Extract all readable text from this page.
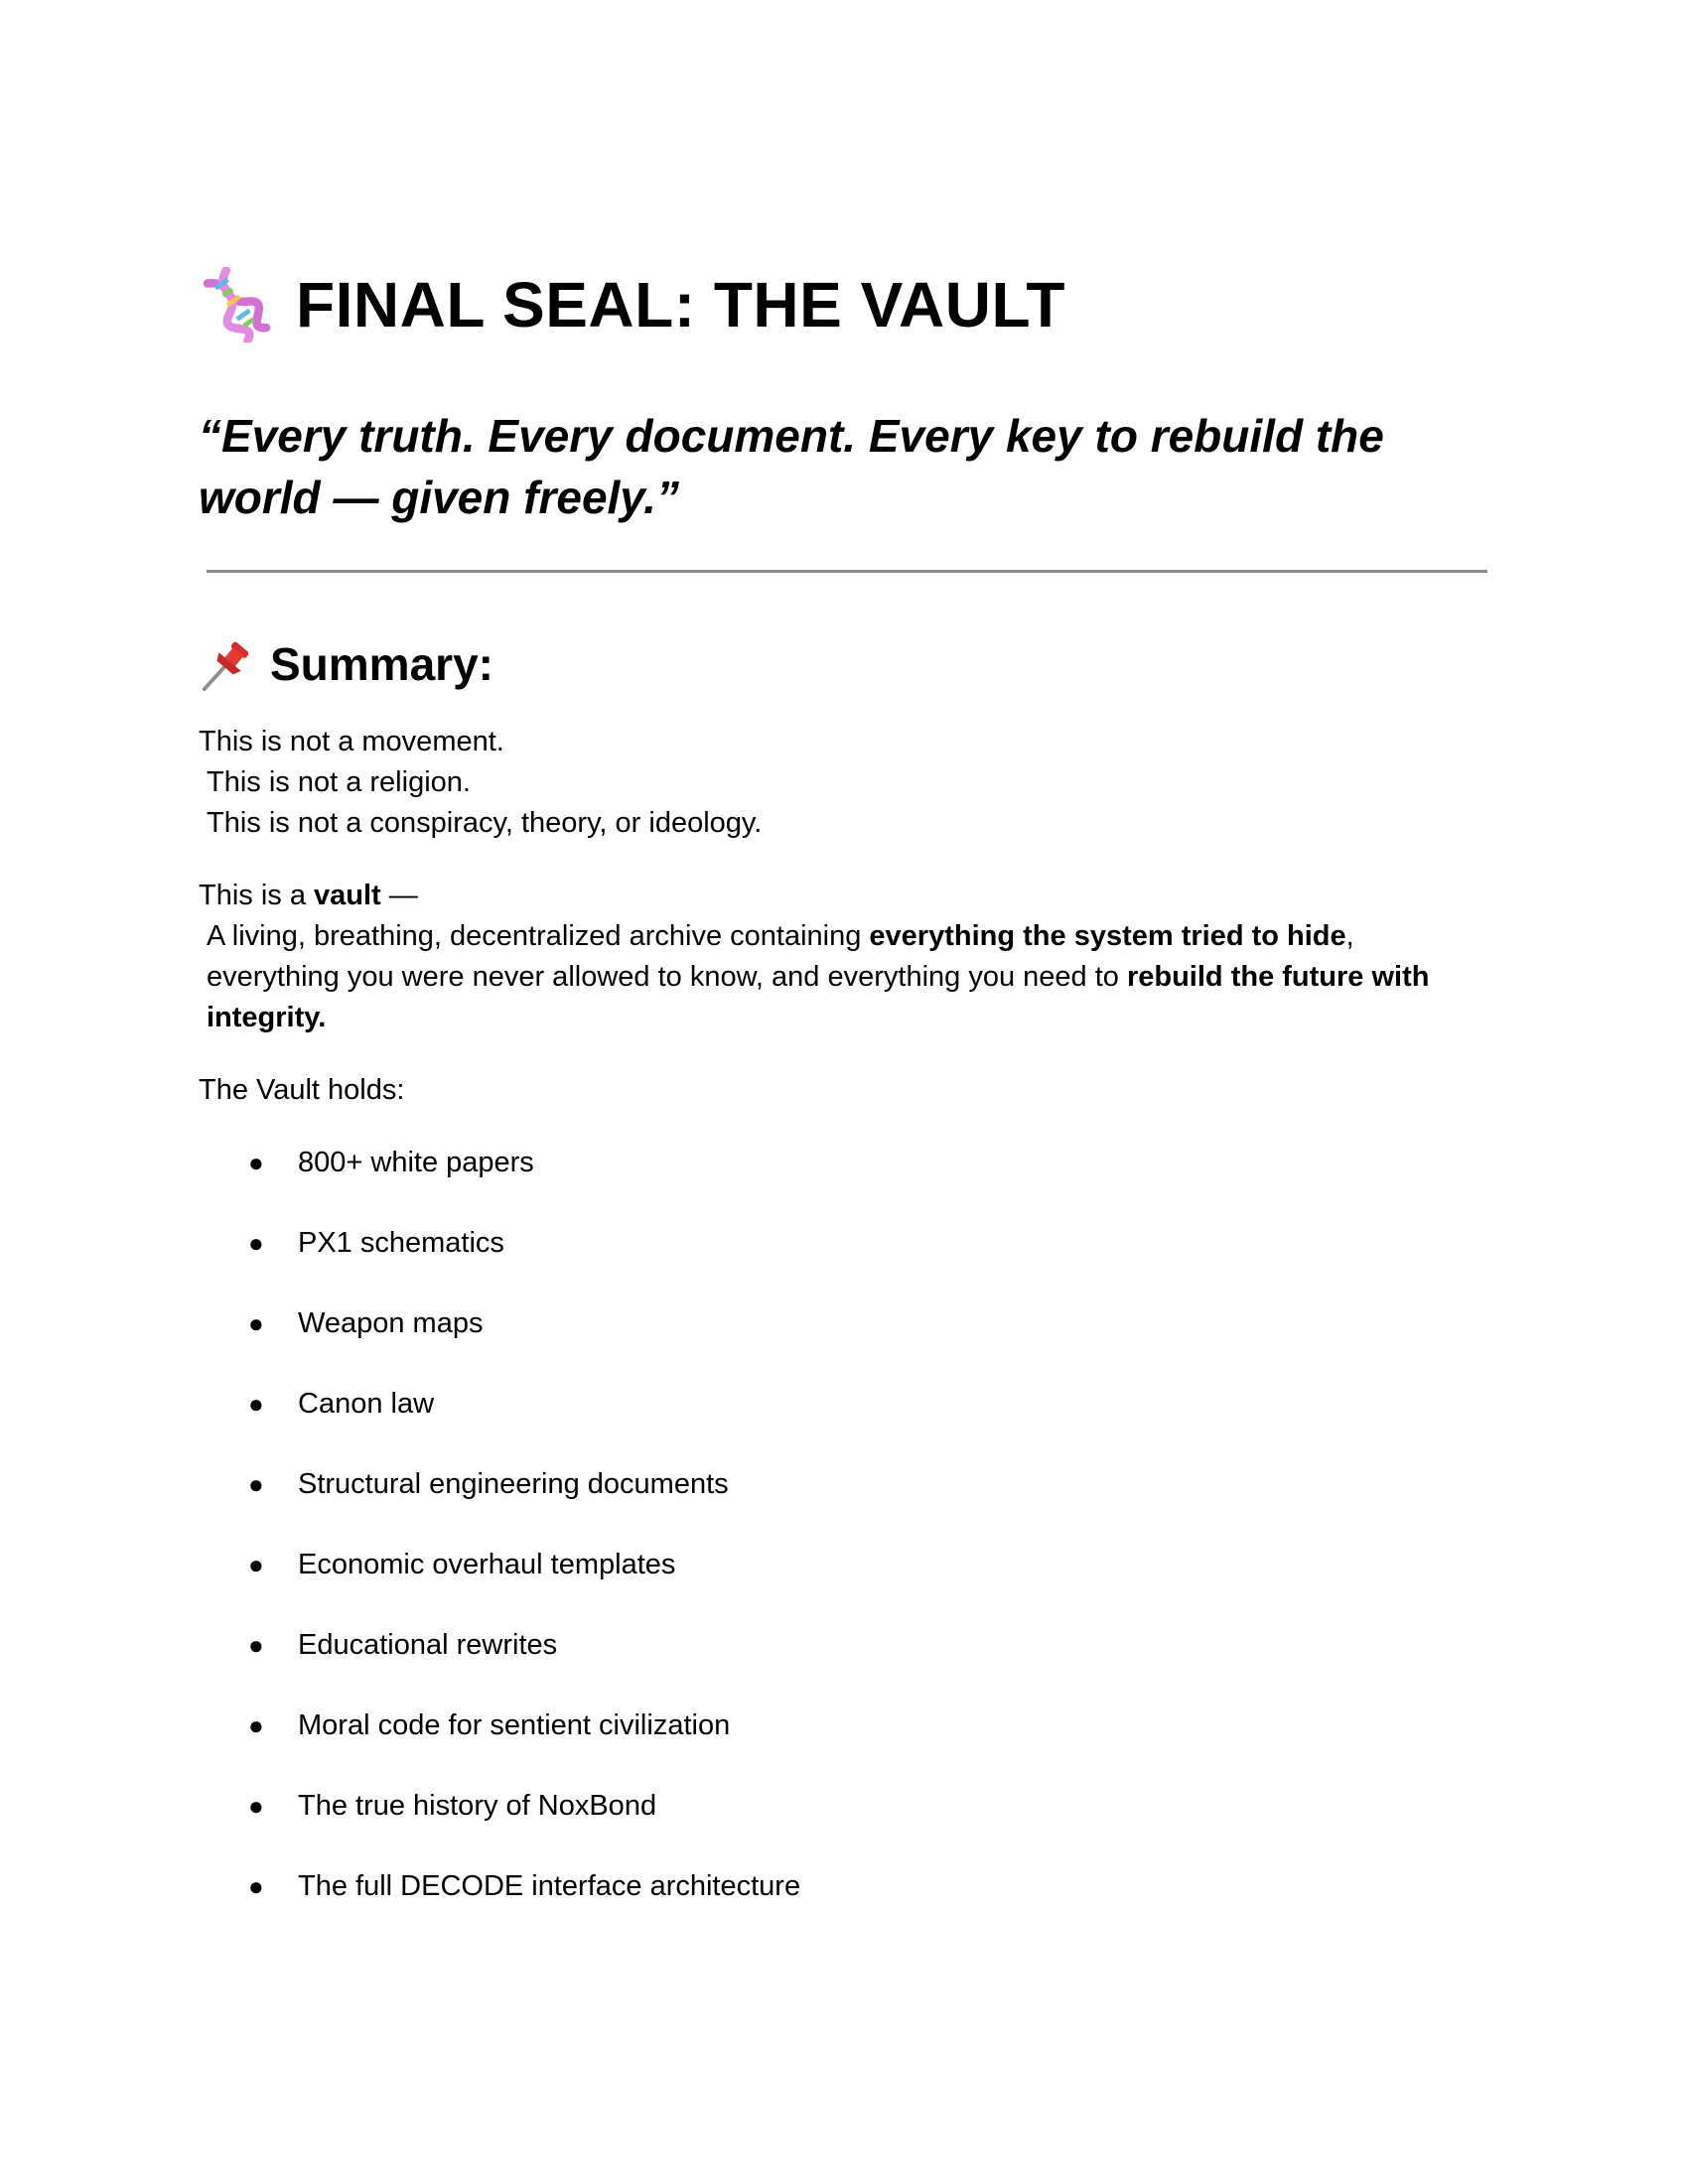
FINAL SEAL: THE VAULT
“Every truth. Every document. Every key to rebuild the world — given freely.”
Summary:
This is not a movement.
This is not a religion.
This is not a conspiracy, theory, or ideology.
This is a vault —
A living, breathing, decentralized archive containing everything the system tried to hide, everything you were never allowed to know, and everything you need to rebuild the future with integrity.
The Vault holds:
● 800+ white papers
● PX1 schematics
● Weapon maps
● Canon law
● Structural engineering documents
● Economic overhaul templates
● Educational rewrites
● Moral code for sentient civilization
● The true history of NoxBond
● The full DECODE interface architecture
